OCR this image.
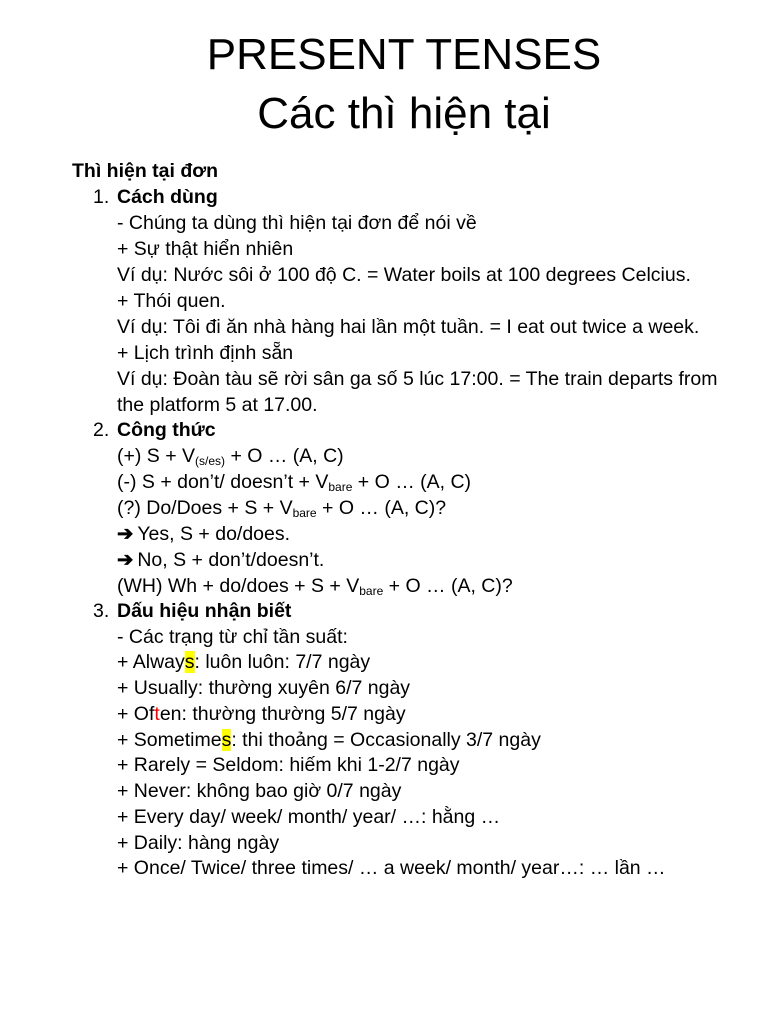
PRESENT TENSES
Các thì hiện tại
Thì hiện tại đơn
1. Cách dùng
- Chúng ta dùng thì hiện tại đơn để nói về
+ Sự thật hiển nhiên
Ví dụ: Nước sôi ở 100 độ C. = Water boils at 100 degrees Celcius.
+ Thói quen.
Ví dụ: Tôi đi ăn nhà hàng hai lần một tuần. = I eat out twice a week.
+ Lịch trình định sẵn
Ví dụ: Đoàn tàu sẽ rời sân ga số 5 lúc 17:00. = The train departs from
the platform 5 at 17.00.
2. Công thức
(+) $S + V_{(s/es)} + O$ … (A, C)
(-) S + don’t/ doesn’t + $V_{bare} + O$ … (A, C)
(?) Do/Does + $S + V_{bare} + O$ … (A, C)?
➔ Yes, S + do/does.
➔ No, S + don’t/doesn’t.
(WH) Wh + do/does + $S + V_{bare} + O$ … (A, C)?
3. Dấu hiệu nhận biết
- Các trạng từ chỉ tần suất:
+ Always: luôn luôn: 7/7 ngày
+ Usually: thường xuyên 6/7 ngày
+ Often: thường thường 5/7 ngày
+ Sometimes: thi thoảng = Occasionally 3/7 ngày
+ Rarely = Seldom: hiếm khi 1-2/7 ngày
+ Never: không bao giờ 0/7 ngày
+ Every day/ week/ month/ year/ …: hằng …
+ Daily: hàng ngày
+ Once/ Twice/ three times/ … a week/ month/ year…: … lần …
